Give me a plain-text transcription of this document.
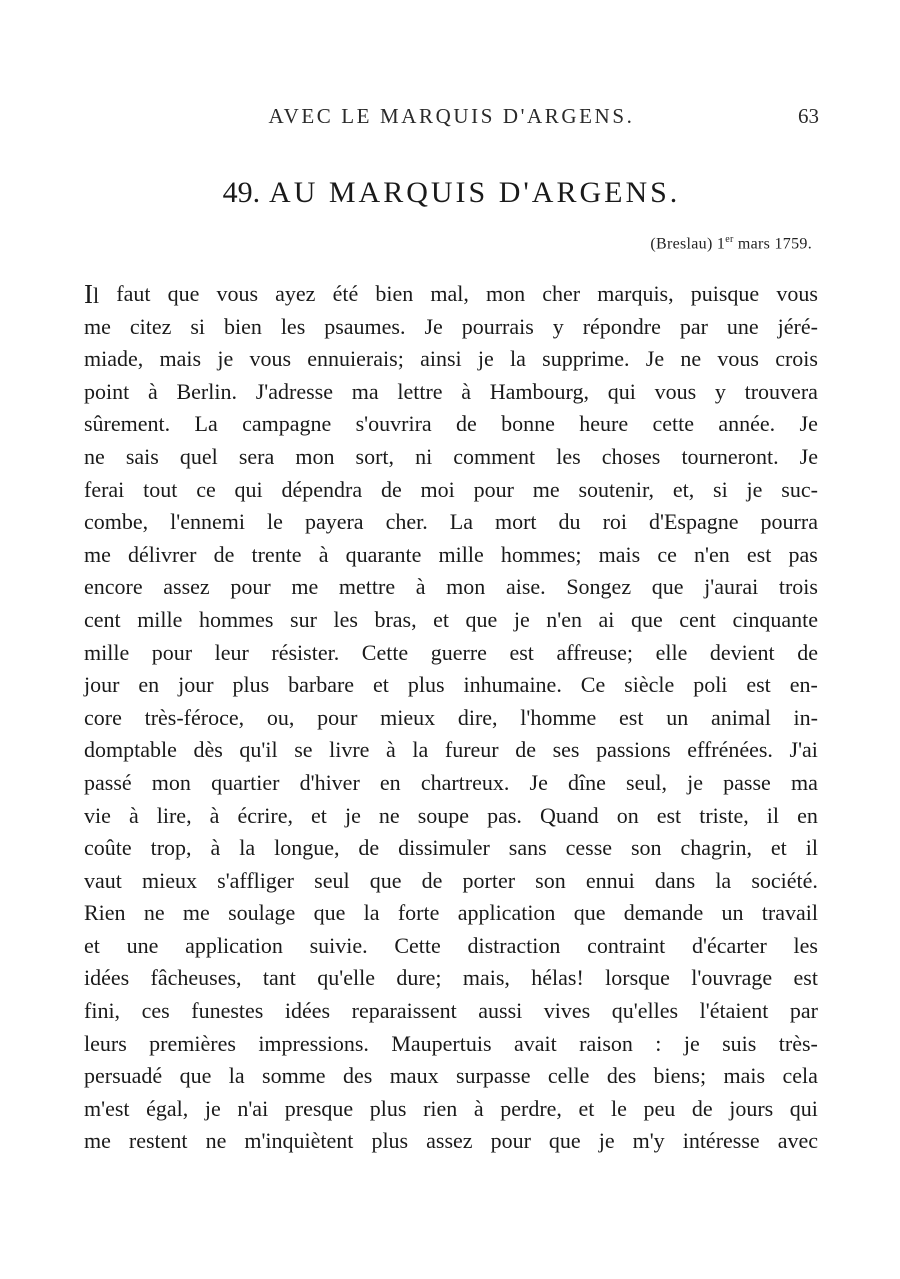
AVEC LE MARQUIS D'ARGENS.	63
49. AU MARQUIS D'ARGENS.
(Breslau) 1er mars 1759.
Il faut que vous ayez été bien mal, mon cher marquis, puisque vous
me citez si bien les psaumes. Je pourrais y répondre par une jéré-
miade, mais je vous ennuierais; ainsi je la supprime. Je ne vous crois
point à Berlin. J'adresse ma lettre à Hambourg, qui vous y trouvera
sûrement. La campagne s'ouvrira de bonne heure cette année. Je
ne sais quel sera mon sort, ni comment les choses tourneront. Je
ferai tout ce qui dépendra de moi pour me soutenir, et, si je suc-
combe, l'ennemi le payera cher. La mort du roi d'Espagne pourra
me délivrer de trente à quarante mille hommes; mais ce n'en est pas
encore assez pour me mettre à mon aise. Songez que j'aurai trois
cent mille hommes sur les bras, et que je n'en ai que cent cinquante
mille pour leur résister. Cette guerre est affreuse; elle devient de
jour en jour plus barbare et plus inhumaine. Ce siècle poli est en-
core très-féroce, ou, pour mieux dire, l'homme est un animal in-
domptable dès qu'il se livre à la fureur de ses passions effrénées. J'ai
passé mon quartier d'hiver en chartreux. Je dîne seul, je passe ma
vie à lire, à écrire, et je ne soupe pas. Quand on est triste, il en
coûte trop, à la longue, de dissimuler sans cesse son chagrin, et il
vaut mieux s'affliger seul que de porter son ennui dans la société.
Rien ne me soulage que la forte application que demande un travail
et une application suivie. Cette distraction contraint d'écarter les
idées fâcheuses, tant qu'elle dure; mais, hélas! lorsque l'ouvrage est
fini, ces funestes idées reparaissent aussi vives qu'elles l'étaient par
leurs premières impressions. Maupertuis avait raison : je suis très-
persuadé que la somme des maux surpasse celle des biens; mais cela
m'est égal, je n'ai presque plus rien à perdre, et le peu de jours qui
me restent ne m'inquiètent plus assez pour que je m'y intéresse avec
